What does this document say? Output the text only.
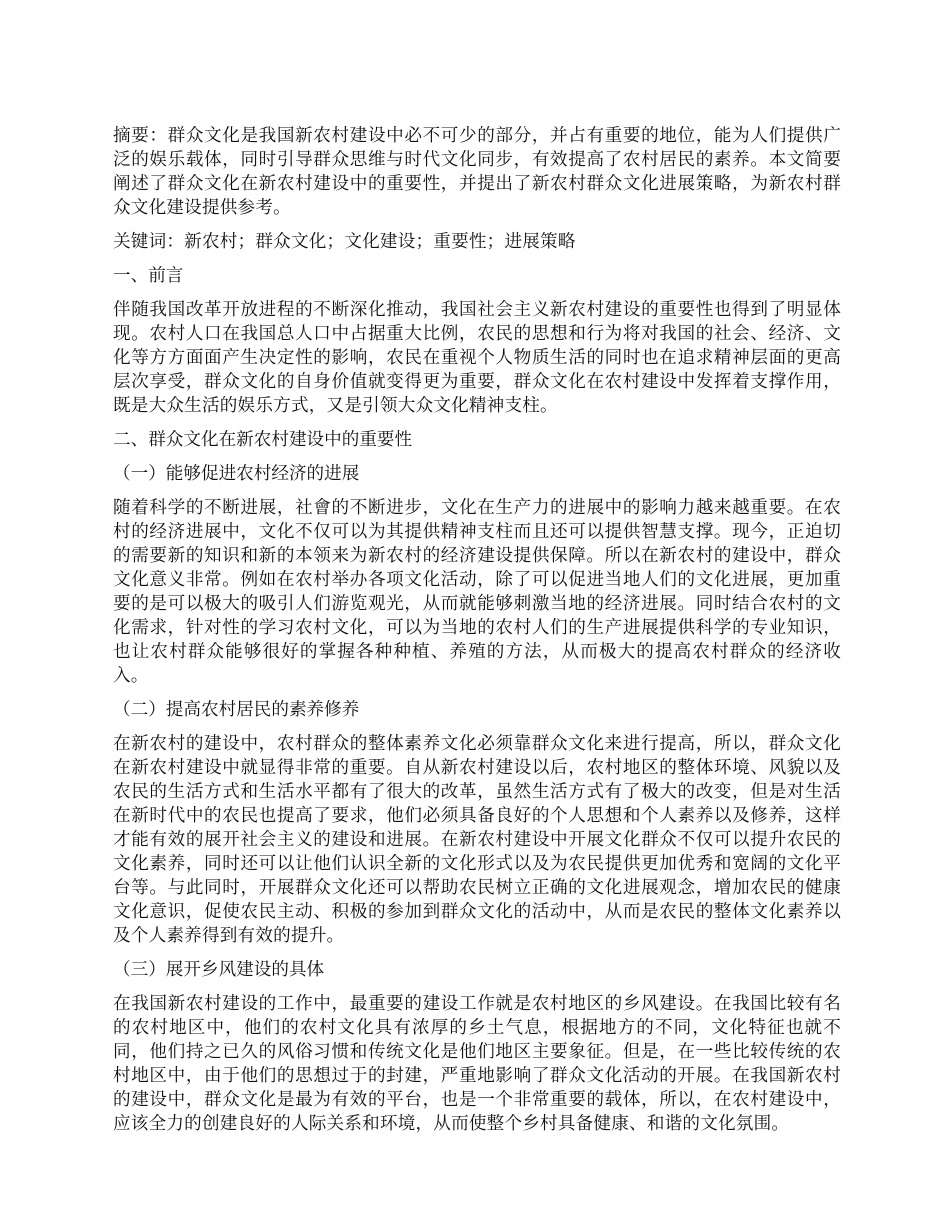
摘要：群众文化是我国新农村建设中必不可少的部分，并占有重要的地位，能为人们提供广泛的娱乐载体，同时引导群众思维与时代文化同步，有效提高了农村居民的素养。本文简要阐述了群众文化在新农村建设中的重要性，并提出了新农村群众文化进展策略，为新农村群众文化建设提供参考。

关键词：新农村；群众文化；文化建设；重要性；进展策略

一、前言

伴随我国改革开放进程的不断深化推动，我国社会主义新农村建设的重要性也得到了明显体现。农村人口在我国总人口中占据重大比例，农民的思想和行为将对我国的社会、经济、文化等方方面面产生决定性的影响，农民在重视个人物质生活的同时也在追求精神层面的更高层次享受，群众文化的自身价值就变得更为重要，群众文化在农村建设中发挥着支撑作用，既是大众生活的娱乐方式，又是引领大众文化精神支柱。

二、群众文化在新农村建设中的重要性

（一）能够促进农村经济的进展

随着科学的不断进展，社會的不断进步，文化在生产力的进展中的影响力越来越重要。在农村的经济进展中，文化不仅可以为其提供精神支柱而且还可以提供智慧支撑。现今，正迫切的需要新的知识和新的本领来为新农村的经济建设提供保障。所以在新农村的建设中，群众文化意义非常。例如在农村举办各项文化活动，除了可以促进当地人们的文化进展，更加重要的是可以极大的吸引人们游览观光，从而就能够刺激当地的经济进展。同时结合农村的文化需求，针对性的学习农村文化，可以为当地的农村人们的生产进展提供科学的专业知识，也让农村群众能够很好的掌握各种种植、养殖的方法，从而极大的提高农村群众的经济收入。

（二）提高农村居民的素养修养

在新农村的建设中，农村群众的整体素养文化必须靠群众文化来进行提高，所以，群众文化在新农村建设中就显得非常的重要。自从新农村建设以后，农村地区的整体环境、风貌以及农民的生活方式和生活水平都有了很大的改革，虽然生活方式有了极大的改变，但是对生活在新时代中的农民也提高了要求，他们必须具备良好的个人思想和个人素养以及修养，这样才能有效的展开社会主义的建设和进展。在新农村建设中开展文化群众不仅可以提升农民的文化素养，同时还可以让他们认识全新的文化形式以及为农民提供更加优秀和宽阔的文化平台等。与此同时，开展群众文化还可以帮助农民树立正确的文化进展观念，增加农民的健康文化意识，促使农民主动、积极的参加到群众文化的活动中，从而是农民的整体文化素养以及个人素养得到有效的提升。

（三）展开乡风建设的具体

在我国新农村建设的工作中，最重要的建设工作就是农村地区的乡风建设。在我国比较有名的农村地区中，他们的农村文化具有浓厚的乡土气息，根据地方的不同，文化特征也就不同，他们持之已久的风俗习惯和传统文化是他们地区主要象征。但是，在一些比较传统的农村地区中，由于他们的思想过于的封建，严重地影响了群众文化活动的开展。在我国新农村的建设中，群众文化是最为有效的平台，也是一个非常重要的载体，所以，在农村建设中，应该全力的创建良好的人际关系和环境，从而使整个乡村具备健康、和谐的文化氛围。
